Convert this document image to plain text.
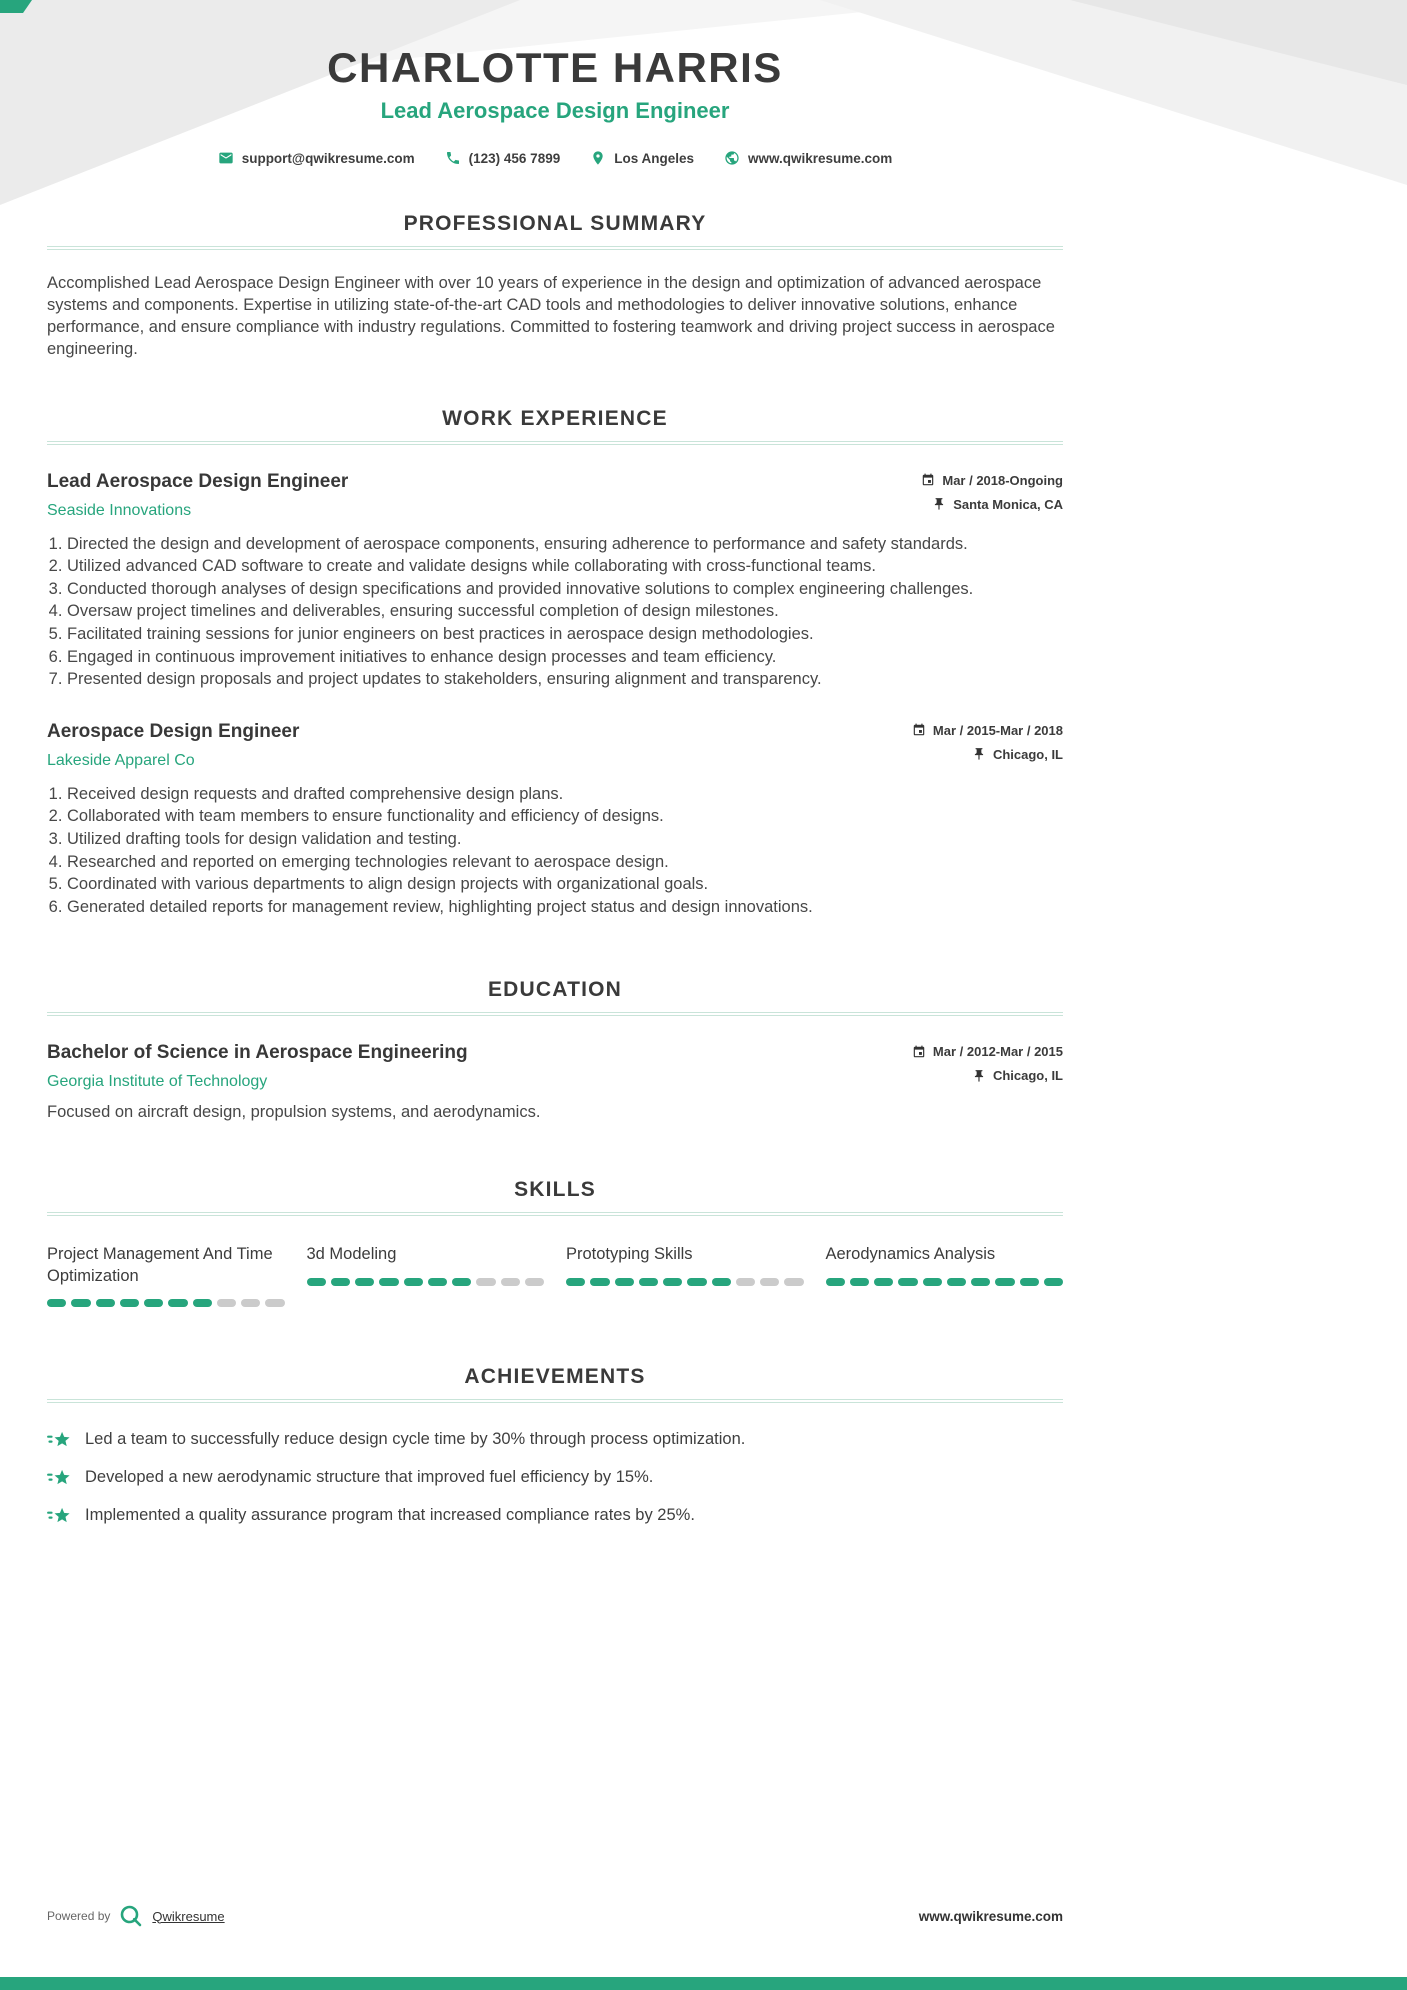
CHARLOTTE HARRIS
Lead Aerospace Design Engineer
support@qwikresume.com	(123) 456 7899	Los Angeles	www.qwikresume.com
PROFESSIONAL SUMMARY

Accomplished Lead Aerospace Design Engineer with over 10 years of experience in the design and optimization of advanced aerospace systems and components. Expertise in utilizing state-of-the-art CAD tools and methodologies to deliver innovative solutions, enhance performance, and ensure compliance with industry regulations. Committed to fostering teamwork and driving project success in aerospace engineering.

WORK EXPERIENCE
Lead Aerospace Design Engineer
Seaside Innovations
Mar / 2018-Ongoing
Santa Monica, CA
1. Directed the design and development of aerospace components, ensuring adherence to performance and safety standards.
2. Utilized advanced CAD software to create and validate designs while collaborating with cross-functional teams.
3. Conducted thorough analyses of design specifications and provided innovative solutions to complex engineering challenges.
4. Oversaw project timelines and deliverables, ensuring successful completion of design milestones.
5. Facilitated training sessions for junior engineers on best practices in aerospace design methodologies.
6. Engaged in continuous improvement initiatives to enhance design processes and team efficiency.
7. Presented design proposals and project updates to stakeholders, ensuring alignment and transparency.
Aerospace Design Engineer
Lakeside Apparel Co
Mar / 2015-Mar / 2018
Chicago, IL
1. Received design requests and drafted comprehensive design plans.
2. Collaborated with team members to ensure functionality and efficiency of designs.
3. Utilized drafting tools for design validation and testing.
4. Researched and reported on emerging technologies relevant to aerospace design.
5. Coordinated with various departments to align design projects with organizational goals.
6. Generated detailed reports for management review, highlighting project status and design innovations.
EDUCATION
Bachelor of Science in Aerospace Engineering
Georgia Institute of Technology
Mar / 2012-Mar / 2015
Chicago, IL

Focused on aircraft design, propulsion systems, and aerodynamics.

SKILLS
Project Management And Time Optimization
3d Modeling	Prototyping Skills	Aerodynamics Analysis
ACHIEVEMENTS
Led a team to successfully reduce design cycle time by 30% through process optimization.
Developed a new aerodynamic structure that improved fuel efficiency by 15%.
Implemented a quality assurance program that increased compliance rates by 25%.
Powered by	Qwikresume	www.qwikresume.com
